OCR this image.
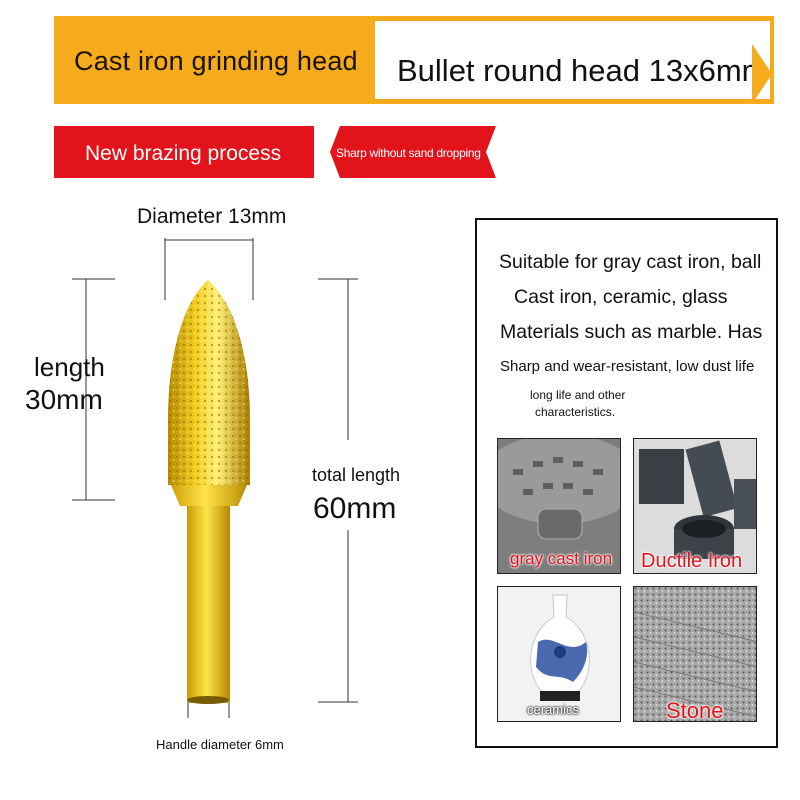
Cast iron grinding head Bullet round head 13x6mm
New brazing process	Sharp without sand dropping
Diameter 13mm
length
30mm
total length
60mm
Handle diameter 6mm
Suitable for gray cast iron, ball
Cast iron, ceramic, glass
Materials such as marble. Has
Sharp and wear-resistant, low dust life
long life and other
characteristics.
gray cast iron Ductile Iron
ceramics	Stone
